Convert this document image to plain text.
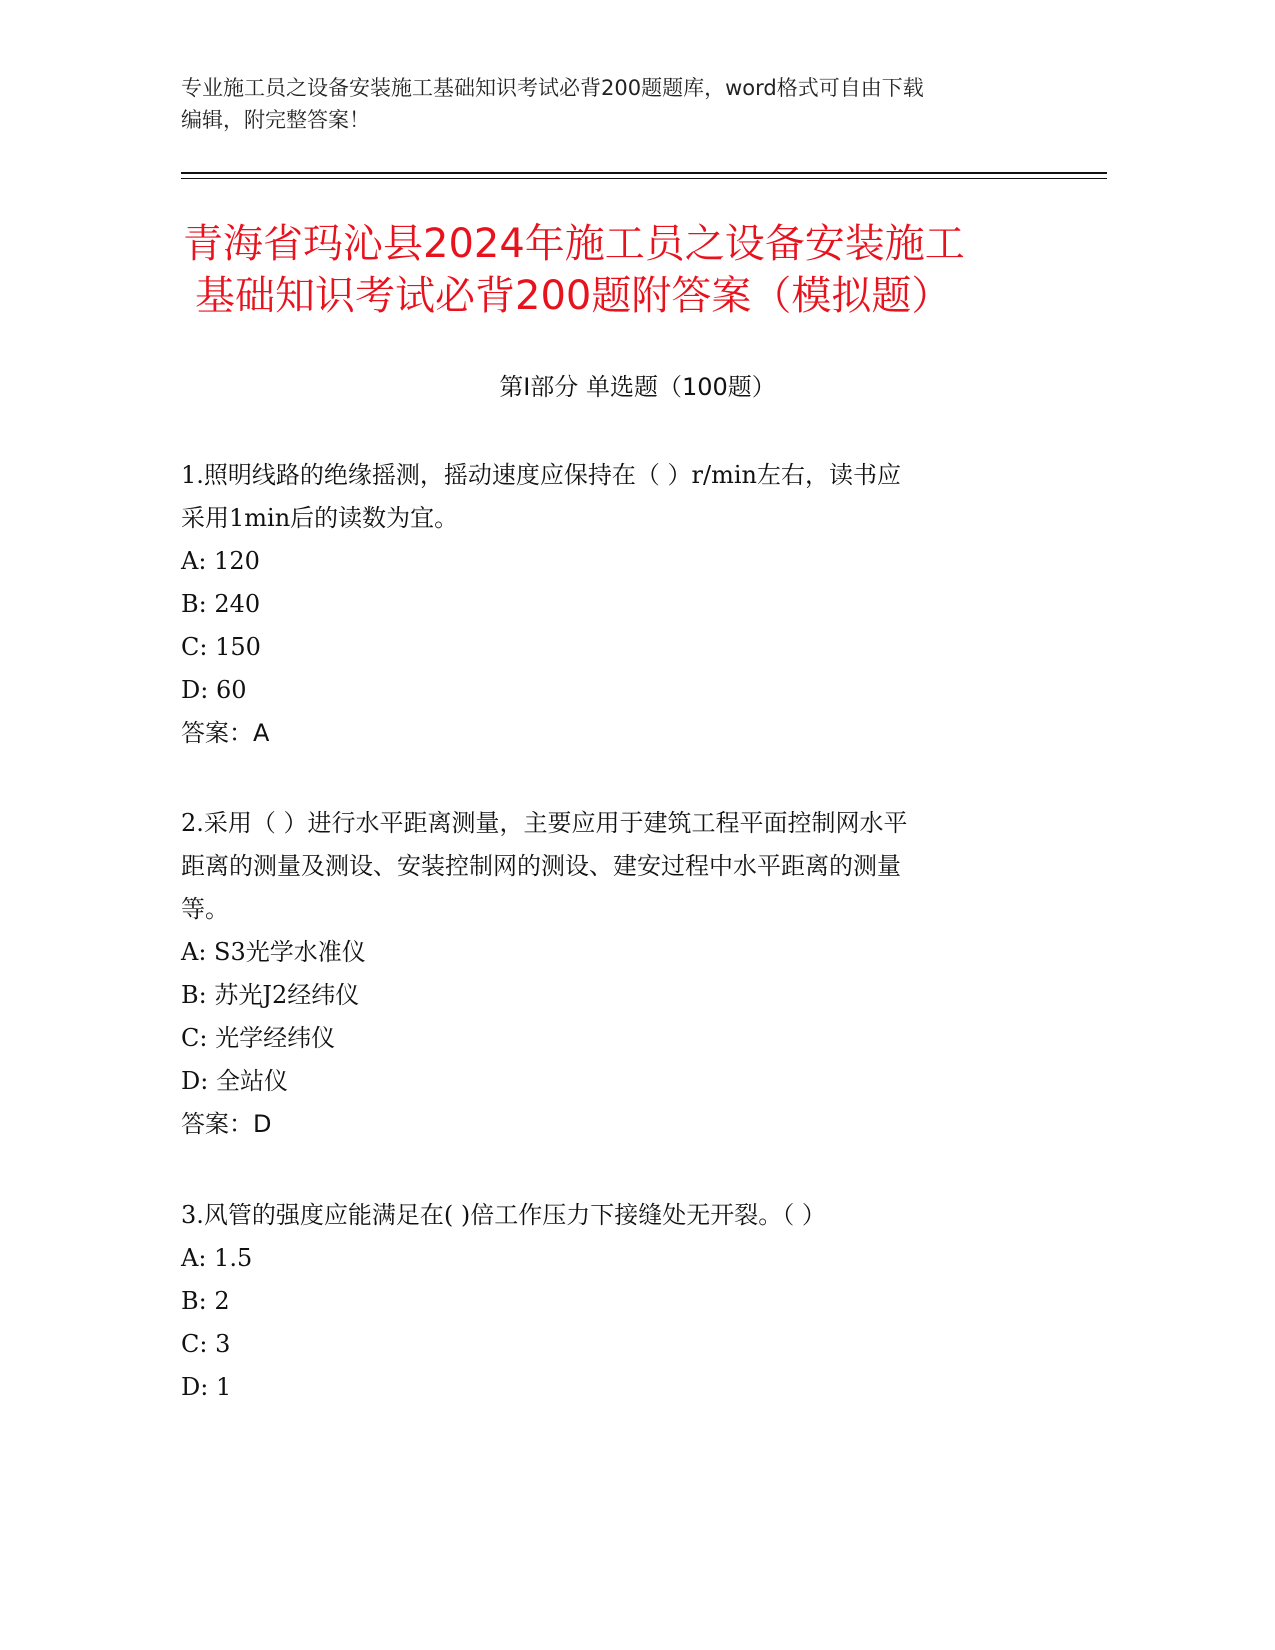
专业施工员之设备安装施工基础知识考试必背200题题库，word格式可自由下载
编辑，附完整答案！
青海省玛沁县2024年施工员之设备安装施工
基础知识考试必背200题附答案（模拟题）
第Ⅰ部分 单选题（100题）
1.照明线路的绝缘摇测，摇动速度应保持在（ ）r/min左右，读书应
采用1min后的读数为宜。
A: 120
B: 240
C: 150
D: 60
答案：A
2.采用（ ）进行水平距离测量，主要应用于建筑工程平面控制网水平
距离的测量及测设、安装控制网的测设、建安过程中水平距离的测量
等。
A: S3光学水准仪
B: 苏光J2经纬仪
C: 光学经纬仪
D: 全站仪
答案：D
3.风管的强度应能满足在( )倍工作压力下接缝处无开裂。（ ）
A: 1.5
B: 2
C: 3
D: 1
